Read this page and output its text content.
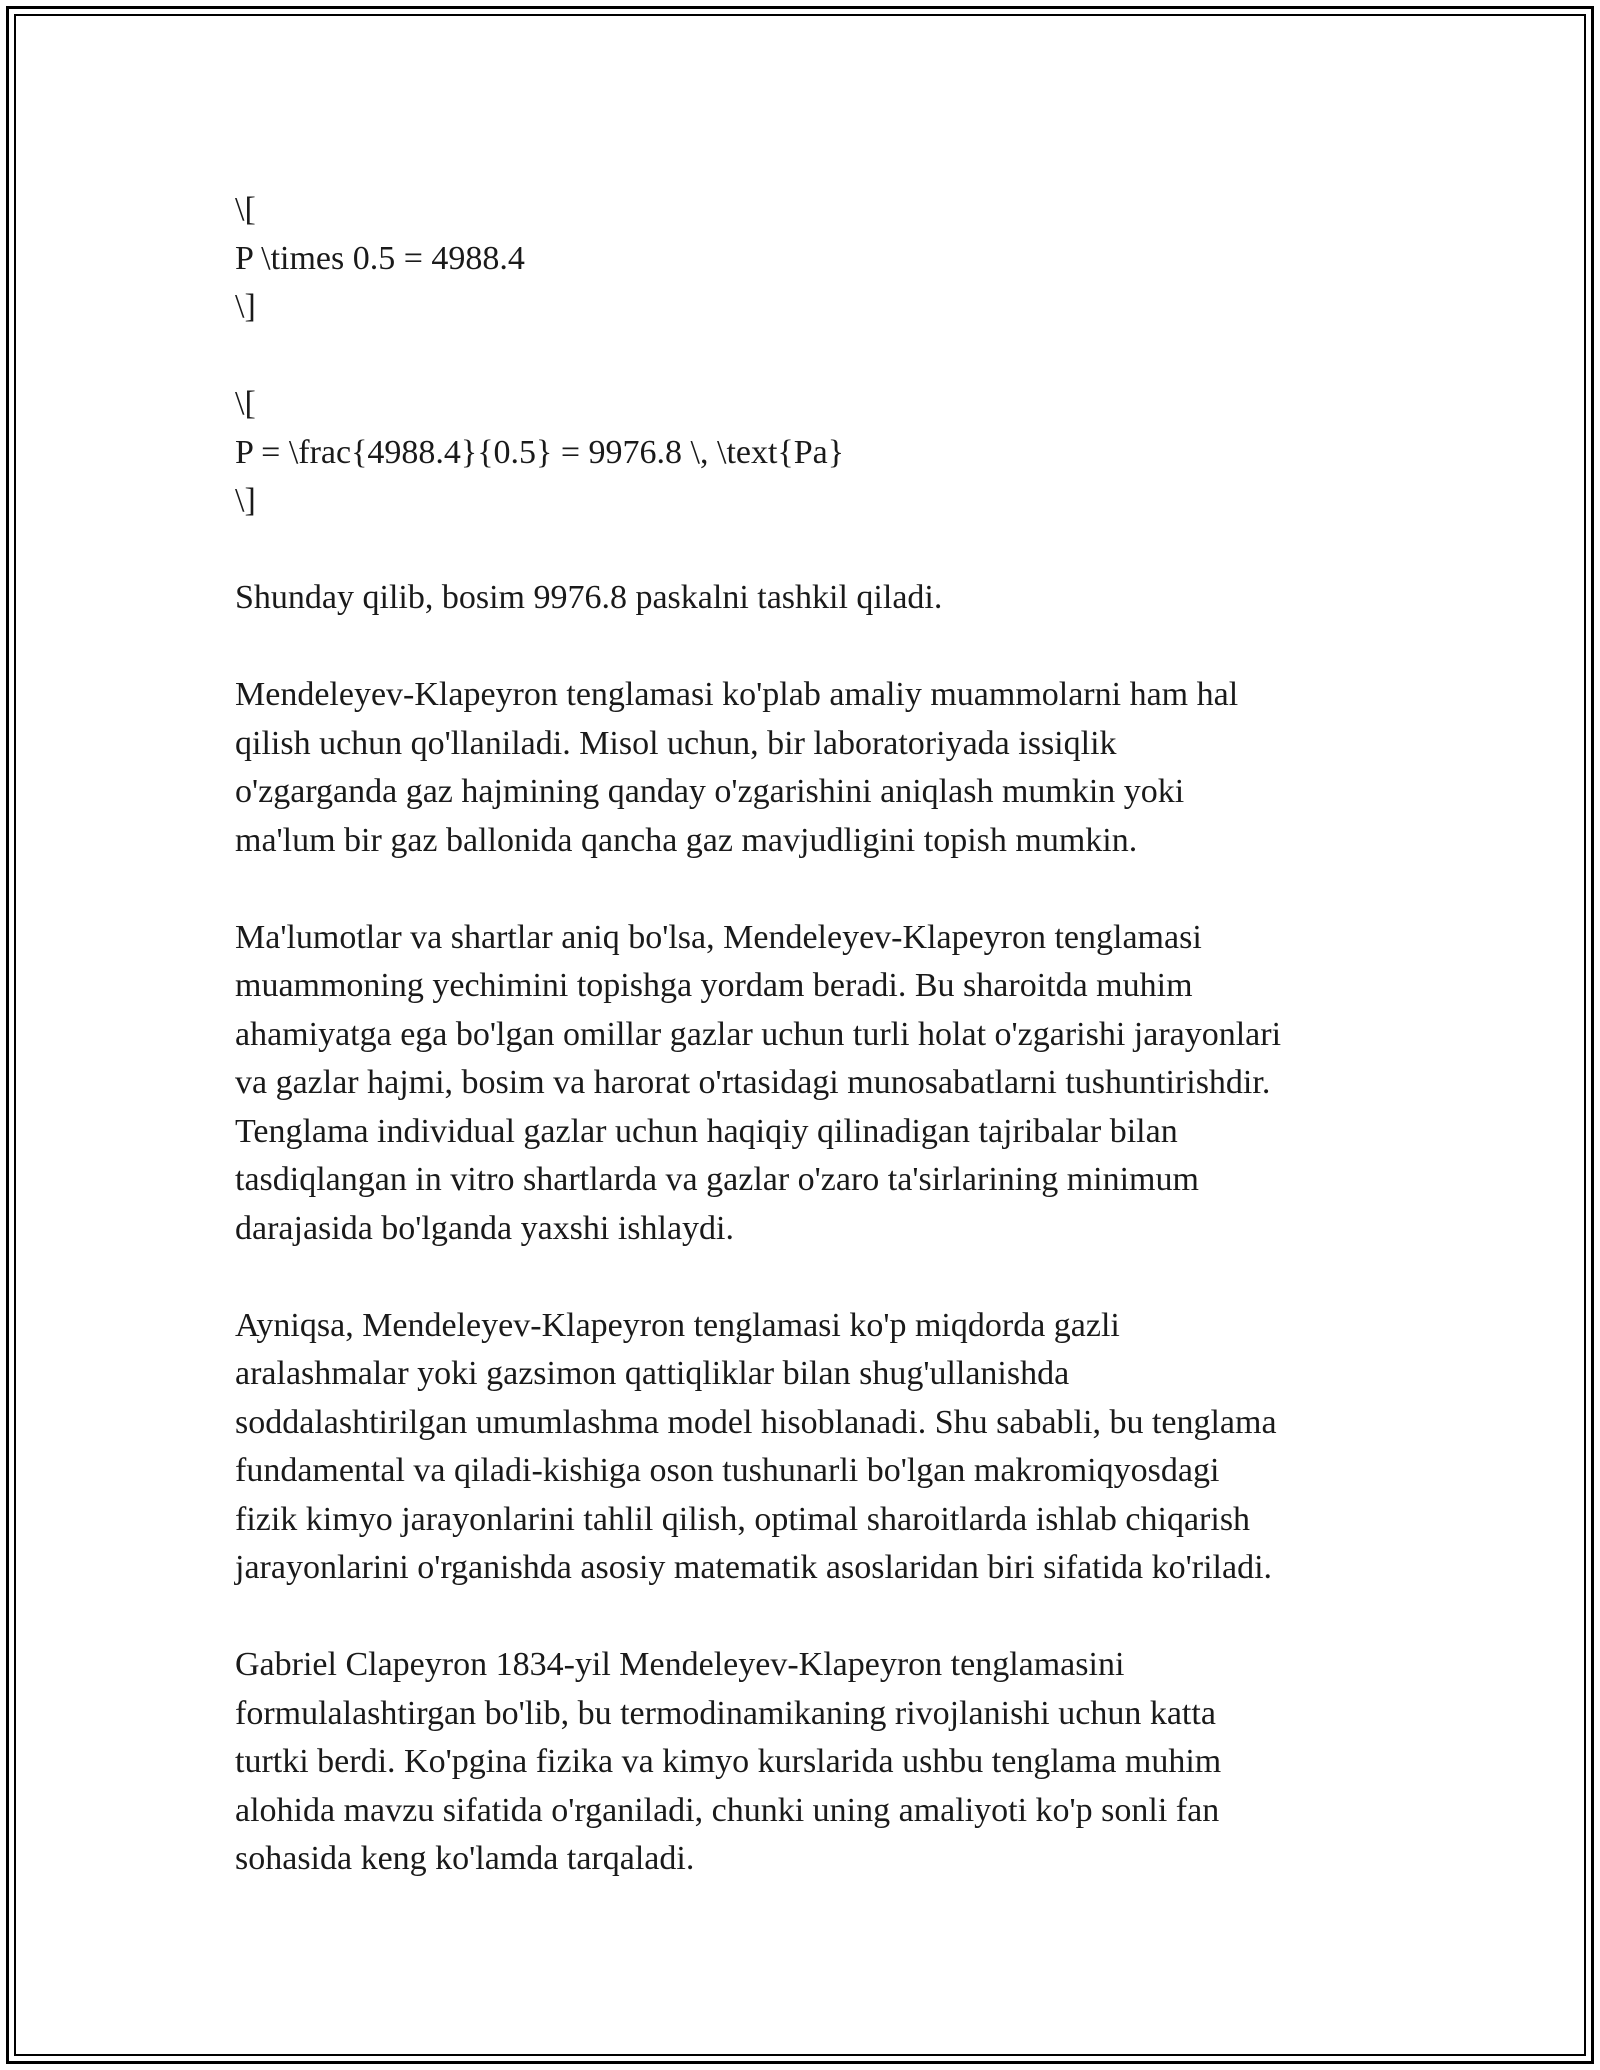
\[
P \times 0.5 = 4988.4
\]
\[
P = \frac{4988.4}{0.5} = 9976.8 \, \text{Pa}
\]

Shunday qilib, bosim 9976.8 paskalni tashkil qiladi.

Mendeleyev-Klapeyron tenglamasi ko'plab amaliy muammolarni ham hal
qilish uchun qo'llaniladi. Misol uchun, bir laboratoriyada issiqlik
o'zgarganda gaz hajmining qanday o'zgarishini aniqlash mumkin yoki
ma'lum bir gaz ballonida qancha gaz mavjudligini topish mumkin.

Ma'lumotlar va shartlar aniq bo'lsa, Mendeleyev-Klapeyron tenglamasi
muammoning yechimini topishga yordam beradi. Bu sharoitda muhim
ahamiyatga ega bo'lgan omillar gazlar uchun turli holat o'zgarishi jarayonlari
va gazlar hajmi, bosim va harorat o'rtasidagi munosabatlarni tushuntirishdir.
Tenglama individual gazlar uchun haqiqiy qilinadigan tajribalar bilan
tasdiqlangan in vitro shartlarda va gazlar o'zaro ta'sirlarining minimum
darajasida bo'lganda yaxshi ishlaydi.

Ayniqsa, Mendeleyev-Klapeyron tenglamasi ko'p miqdorda gazli
aralashmalar yoki gazsimon qattiqliklar bilan shug'ullanishda
soddalashtirilgan umumlashma model hisoblanadi. Shu sababli, bu tenglama
fundamental va qiladi-kishiga oson tushunarli bo'lgan makromiqyosdagi
fizik kimyo jarayonlarini tahlil qilish, optimal sharoitlarda ishlab chiqarish
jarayonlarini o'rganishda asosiy matematik asoslaridan biri sifatida ko'riladi.

Gabriel Clapeyron 1834-yil Mendeleyev-Klapeyron tenglamasini
formulalashtirgan bo'lib, bu termodinamikaning rivojlanishi uchun katta
turtki berdi. Ko'pgina fizika va kimyo kurslarida ushbu tenglama muhim
alohida mavzu sifatida o'rganiladi, chunki uning amaliyoti ko'p sonli fan
sohasida keng ko'lamda tarqaladi.
